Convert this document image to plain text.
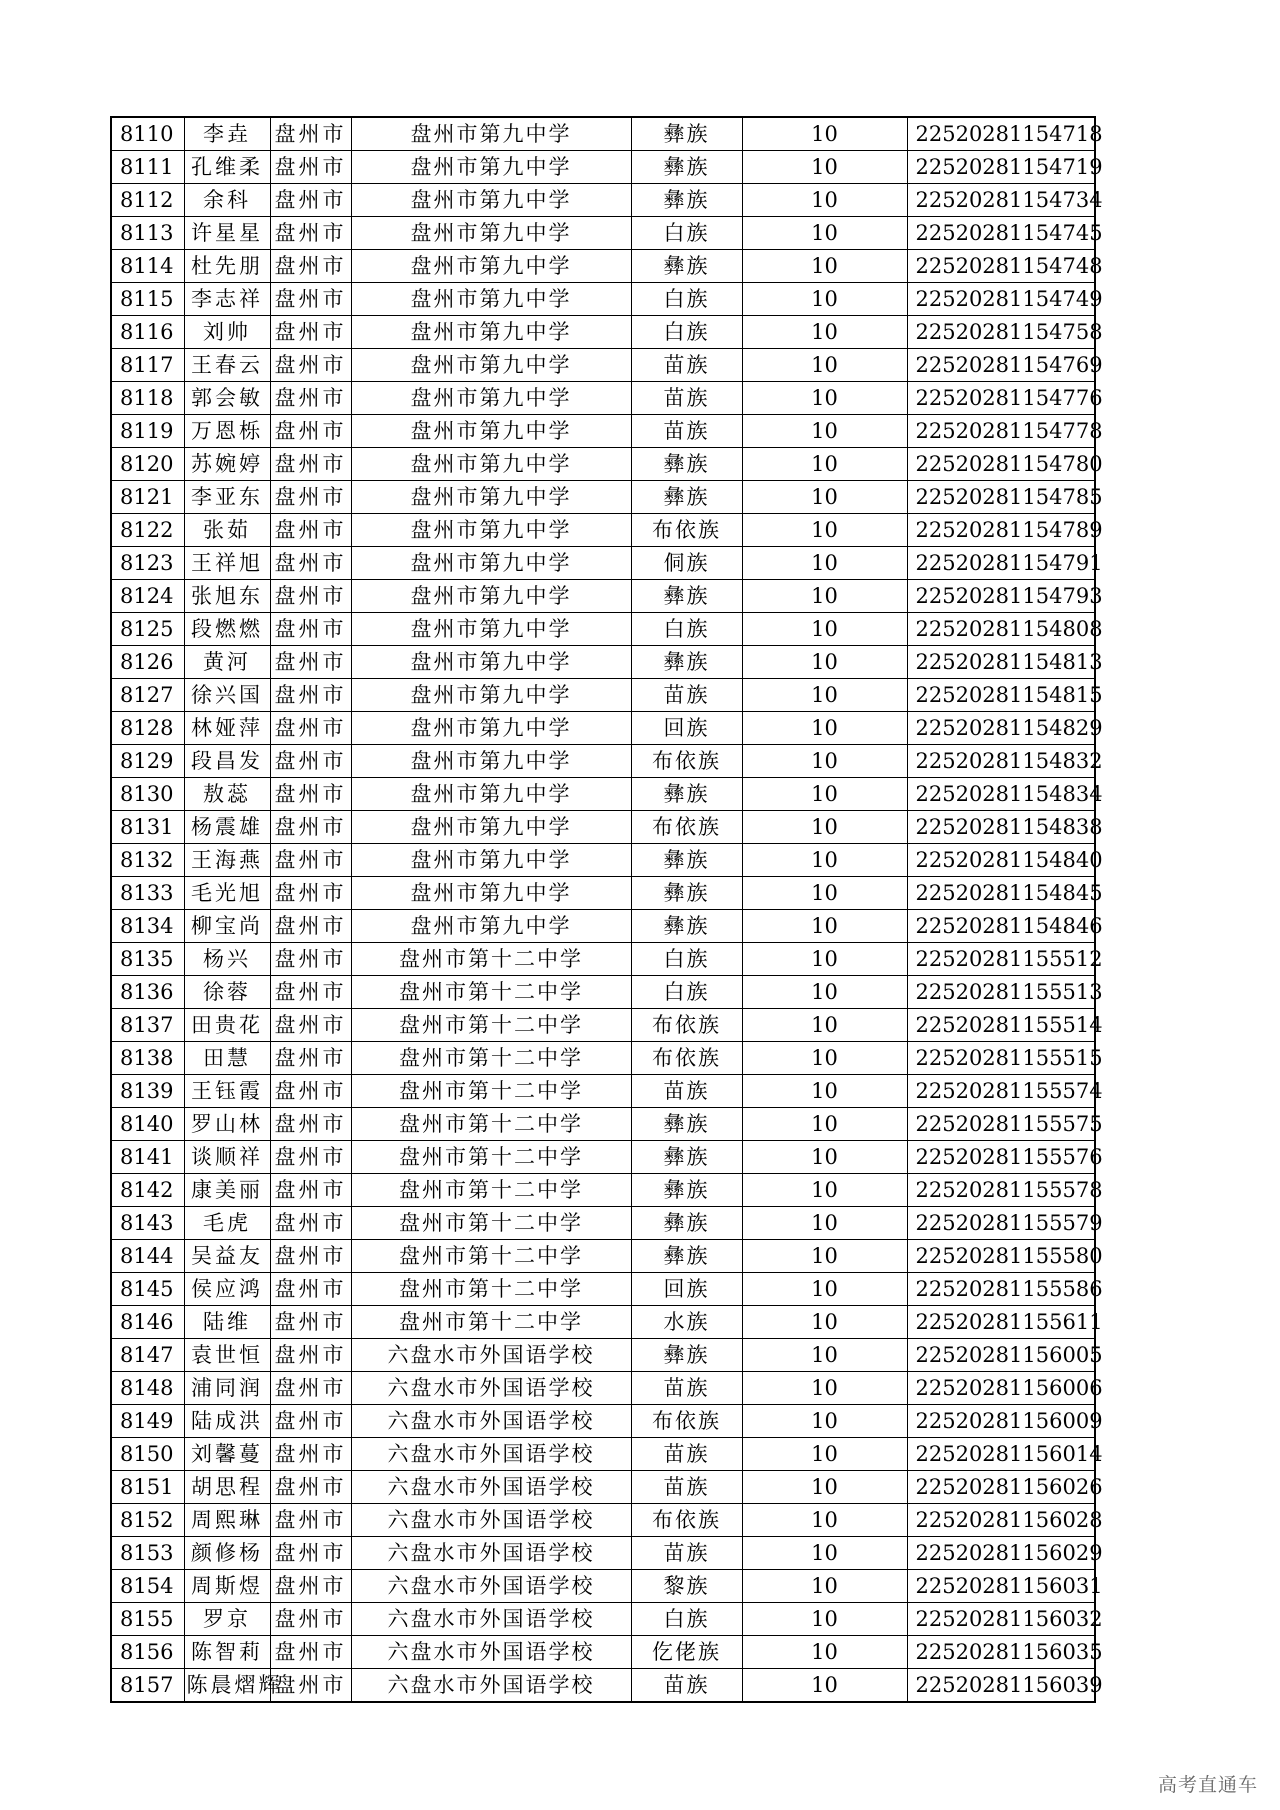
8110	李垚	盘州市	盘州市第九中学	彝族	10	22520281154718
8111	孔维柔	盘州市	盘州市第九中学	彝族	10	22520281154719
8112	余科	盘州市	盘州市第九中学	彝族	10	22520281154734
8113	许星星	盘州市	盘州市第九中学	白族	10	22520281154745
8114	杜先朋	盘州市	盘州市第九中学	彝族	10	22520281154748
8115	李志祥	盘州市	盘州市第九中学	白族	10	22520281154749
8116	刘帅	盘州市	盘州市第九中学	白族	10	22520281154758
8117	王春云	盘州市	盘州市第九中学	苗族	10	22520281154769
8118	郭会敏	盘州市	盘州市第九中学	苗族	10	22520281154776
8119	万恩栎	盘州市	盘州市第九中学	苗族	10	22520281154778
8120	苏婉婷	盘州市	盘州市第九中学	彝族	10	22520281154780
8121	李亚东	盘州市	盘州市第九中学	彝族	10	22520281154785
8122	张茹	盘州市	盘州市第九中学	布依族	10	22520281154789
8123	王祥旭	盘州市	盘州市第九中学	侗族	10	22520281154791
8124	张旭东	盘州市	盘州市第九中学	彝族	10	22520281154793
8125	段燃燃	盘州市	盘州市第九中学	白族	10	22520281154808
8126	黄河	盘州市	盘州市第九中学	彝族	10	22520281154813
8127	徐兴国	盘州市	盘州市第九中学	苗族	10	22520281154815
8128	林娅萍	盘州市	盘州市第九中学	回族	10	22520281154829
8129	段昌发	盘州市	盘州市第九中学	布依族	10	22520281154832
8130	敖蕊	盘州市	盘州市第九中学	彝族	10	22520281154834
8131	杨震雄	盘州市	盘州市第九中学	布依族	10	22520281154838
8132	王海燕	盘州市	盘州市第九中学	彝族	10	22520281154840
8133	毛光旭	盘州市	盘州市第九中学	彝族	10	22520281154845
8134	柳宝尚	盘州市	盘州市第九中学	彝族	10	22520281154846
8135	杨兴	盘州市	盘州市第十二中学	白族	10	22520281155512
8136	徐蓉	盘州市	盘州市第十二中学	白族	10	22520281155513
8137	田贵花	盘州市	盘州市第十二中学	布依族	10	22520281155514
8138	田慧	盘州市	盘州市第十二中学	布依族	10	22520281155515
8139	王钰霞	盘州市	盘州市第十二中学	苗族	10	22520281155574
8140	罗山林	盘州市	盘州市第十二中学	彝族	10	22520281155575
8141	谈顺祥	盘州市	盘州市第十二中学	彝族	10	22520281155576
8142	康美丽	盘州市	盘州市第十二中学	彝族	10	22520281155578
8143	毛虎	盘州市	盘州市第十二中学	彝族	10	22520281155579
8144	吴益友	盘州市	盘州市第十二中学	彝族	10	22520281155580
8145	侯应鸿	盘州市	盘州市第十二中学	回族	10	22520281155586
8146	陆维	盘州市	盘州市第十二中学	水族	10	22520281155611
8147	袁世恒	盘州市	六盘水市外国语学校	彝族	10	22520281156005
8148	浦同润	盘州市	六盘水市外国语学校	苗族	10	22520281156006
8149	陆成洪	盘州市	六盘水市外国语学校	布依族	10	22520281156009
8150	刘馨蔓	盘州市	六盘水市外国语学校	苗族	10	22520281156014
8151	胡思程	盘州市	六盘水市外国语学校	苗族	10	22520281156026
8152	周熙琳	盘州市	六盘水市外国语学校	布依族	10	22520281156028
8153	颜修杨	盘州市	六盘水市外国语学校	苗族	10	22520281156029
8154	周斯煜	盘州市	六盘水市外国语学校	黎族	10	22520281156031
8155	罗京	盘州市	六盘水市外国语学校	白族	10	22520281156032
8156	陈智莉	盘州市	六盘水市外国语学校	仡佬族	10	22520281156035
8157	陈晨熠辉	盘州市	六盘水市外国语学校	苗族	10	22520281156039
高考直通车
